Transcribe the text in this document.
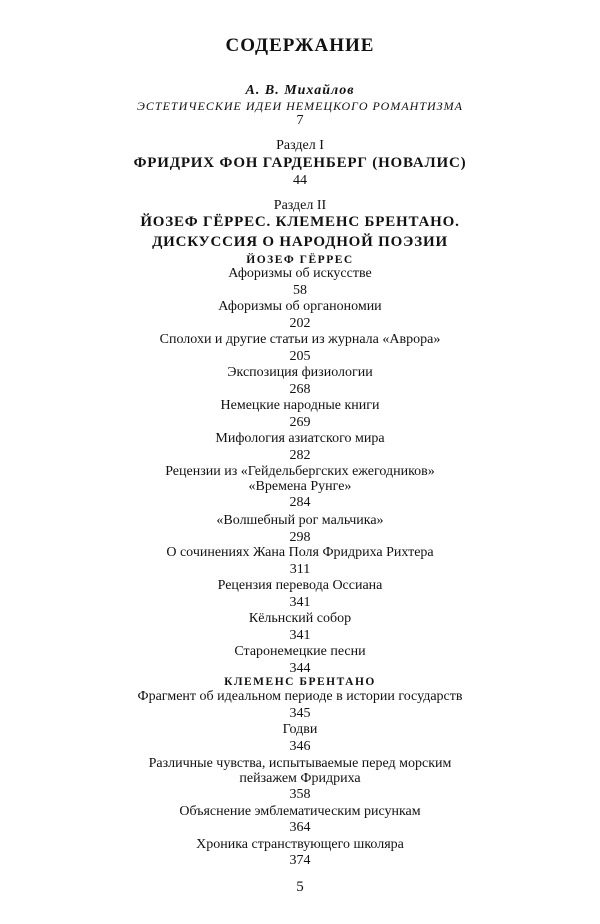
СОДЕРЖАНИЕ
А. В. Михайлов
ЭСТЕТИЧЕСКИЕ ИДЕИ НЕМЕЦКОГО РОМАНТИЗМА
7
Раздел I
ФРИДРИХ ФОН ГАРДЕНБЕРГ (НОВАЛИС)
44
Раздел II
ЙОЗЕФ ГЁРРЕС. КЛЕМЕНС БРЕНТАНО.
ДИСКУССИЯ О НАРОДНОЙ ПОЭЗИИ
ЙОЗЕФ ГЁРРЕС
Афоризмы об искусстве
58
Афоризмы об органономии
202
Сполохи и другие статьи из журнала «Аврора»
205
Экспозиция физиологии
268
Немецкие народные книги
269
Мифология азиатского мира
282
Рецензии из «Гейдельбергских ежегодников»
«Времена Рунге»
284
«Волшебный рог мальчика»
298
О сочинениях Жана Поля Фридриха Рихтера
311
Рецензия перевода Оссиана
341
Кёльнский собор
341
Старонемецкие песни
344
КЛЕМЕНС БРЕНТАНО
Фрагмент об идеальном периоде в истории государств
345
Годви
346
Различные чувства, испытываемые перед морским
пейзажем Фридриха
358
Объяснение эмблематическим рисункам
364
Хроника странствующего школяра
374
5
